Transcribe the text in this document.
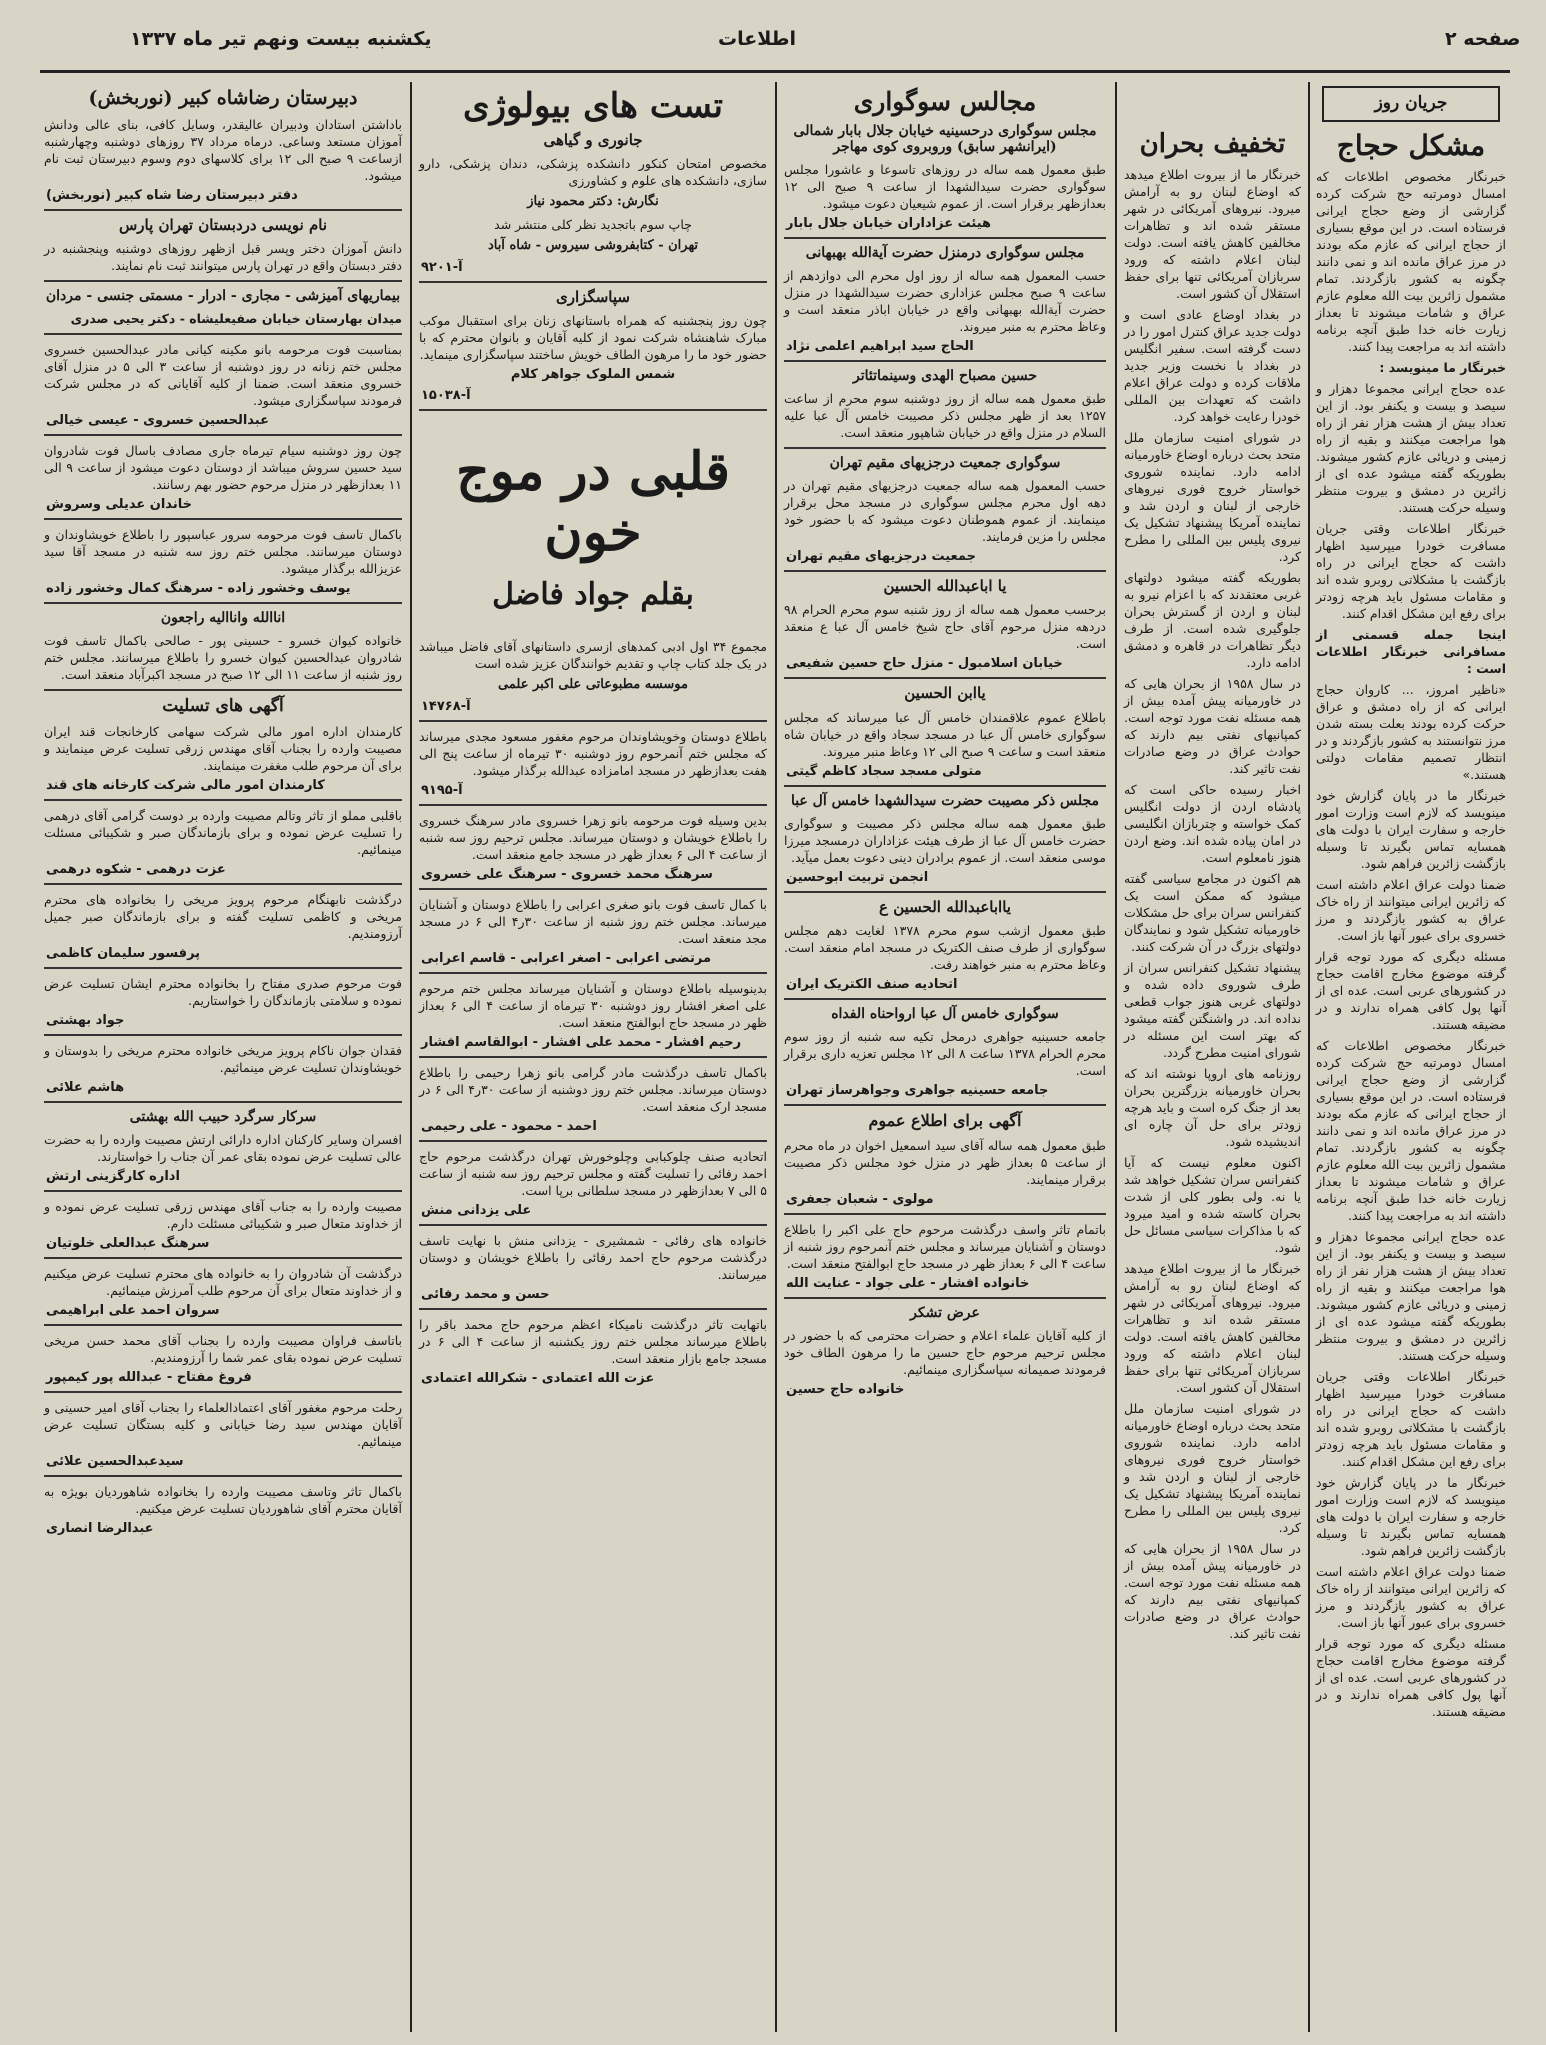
صفحه ۲
اطلاعات
یکشنبه بیست ونهم تیر ماه ۱۳۳۷
جریان روز
مشکل حجاج

خبرنگار مخصوص اطلاعات که امسال دومرتبه حج شرکت کرده گزارشی از وضع حجاج ایرانی فرستاده است. در این موقع بسیاری از حجاج ایرانی که عازم مکه بودند در مرز عراق مانده اند و نمی دانند چگونه به کشور بازگردند. تمام مشمول زائرین بیت الله معلوم عازم عراق و شامات میشوند تا بعداز زیارت خانه خدا طبق آنچه برنامه داشته اند به مراجعت پیدا کنند.

خبرنگار ما مینویسد :

عده حجاج ایرانی مجموعا دهزار و سیصد و بیست و یکنفر بود. از این تعداد بیش از هشت هزار نفر از راه هوا مراجعت میکنند و بقیه از راه زمینی و دریائی عازم کشور میشوند. بطوریکه گفته میشود عده ای از زائرین در دمشق و بیروت منتظر وسیله حرکت هستند.

خبرنگار اطلاعات وقتی جریان مسافرت خودرا میپرسید اظهار داشت که حجاج ایرانی در راه بازگشت با مشکلاتی روبرو شده اند و مقامات مسئول باید هرچه زودتر برای رفع این مشکل اقدام کنند.

اینجا جمله قسمتی از مسافرانی خبرنگار اطلاعات است :

«ناظیر امروز، ... کاروان حجاج ایرانی که از راه دمشق و عراق حرکت کرده بودند بعلت بسته شدن مرز نتوانستند به کشور بازگردند و در انتظار تصمیم مقامات دولتی هستند.»

خبرنگار ما در پایان گزارش خود مینویسد که لازم است وزارت امور خارجه و سفارت ایران با دولت های همسایه تماس بگیرند تا وسیله بازگشت زائرین فراهم شود.

ضمنا دولت عراق اعلام داشته است که زائرین ایرانی میتوانند از راه خاک عراق به کشور بازگردند و مرز خسروی برای عبور آنها باز است.

مسئله دیگری که مورد توجه قرار گرفته موضوع مخارج اقامت حجاج در کشورهای عربی است. عده ای از آنها پول کافی همراه ندارند و در مضیقه هستند.

خبرنگار مخصوص اطلاعات که امسال دومرتبه حج شرکت کرده گزارشی از وضع حجاج ایرانی فرستاده است. در این موقع بسیاری از حجاج ایرانی که عازم مکه بودند در مرز عراق مانده اند و نمی دانند چگونه به کشور بازگردند. تمام مشمول زائرین بیت الله معلوم عازم عراق و شامات میشوند تا بعداز زیارت خانه خدا طبق آنچه برنامه داشته اند به مراجعت پیدا کنند.

عده حجاج ایرانی مجموعا دهزار و سیصد و بیست و یکنفر بود. از این تعداد بیش از هشت هزار نفر از راه هوا مراجعت میکنند و بقیه از راه زمینی و دریائی عازم کشور میشوند. بطوریکه گفته میشود عده ای از زائرین در دمشق و بیروت منتظر وسیله حرکت هستند.

خبرنگار اطلاعات وقتی جریان مسافرت خودرا میپرسید اظهار داشت که حجاج ایرانی در راه بازگشت با مشکلاتی روبرو شده اند و مقامات مسئول باید هرچه زودتر برای رفع این مشکل اقدام کنند.

خبرنگار ما در پایان گزارش خود مینویسد که لازم است وزارت امور خارجه و سفارت ایران با دولت های همسایه تماس بگیرند تا وسیله بازگشت زائرین فراهم شود.

ضمنا دولت عراق اعلام داشته است که زائرین ایرانی میتوانند از راه خاک عراق به کشور بازگردند و مرز خسروی برای عبور آنها باز است.

مسئله دیگری که مورد توجه قرار گرفته موضوع مخارج اقامت حجاج در کشورهای عربی است. عده ای از آنها پول کافی همراه ندارند و در مضیقه هستند.

تخفیف بحران

خبرنگار ما از بیروت اطلاع میدهد که اوضاع لبنان رو به آرامش میرود. نیروهای آمریکائی در شهر مستقر شده اند و تظاهرات مخالفین کاهش یافته است. دولت لبنان اعلام داشته که ورود سربازان آمریکائی تنها برای حفظ استقلال آن کشور است.

در بغداد اوضاع عادی است و دولت جدید عراق کنترل امور را در دست گرفته است. سفیر انگلیس در بغداد با نخست وزیر جدید ملاقات کرده و دولت عراق اعلام داشت که تعهدات بین المللی خودرا رعایت خواهد کرد.

در شورای امنیت سازمان ملل متحد بحث درباره اوضاع خاورمیانه ادامه دارد. نماینده شوروی خواستار خروج فوری نیروهای خارجی از لبنان و اردن شد و نماینده آمریکا پیشنهاد تشکیل یک نیروی پلیس بین المللی را مطرح کرد.

بطوریکه گفته میشود دولتهای غربی معتقدند که با اعزام نیرو به لبنان و اردن از گسترش بحران جلوگیری شده است. از طرف دیگر تظاهرات در قاهره و دمشق ادامه دارد.

در سال ۱۹۵۸ از بحران هایی که در خاورمیانه پیش آمده بیش از همه مسئله نفت مورد توجه است. کمپانیهای نفتی بیم دارند که حوادث عراق در وضع صادرات نفت تاثیر کند.

اخبار رسیده حاکی است که پادشاه اردن از دولت انگلیس کمک خواسته و چتربازان انگلیسی در امان پیاده شده اند. وضع اردن هنوز نامعلوم است.

هم اکنون در مجامع سیاسی گفته میشود که ممکن است یک کنفرانس سران برای حل مشکلات خاورمیانه تشکیل شود و نمایندگان دولتهای بزرگ در آن شرکت کنند.

پیشنهاد تشکیل کنفرانس سران از طرف شوروی داده شده و دولتهای غربی هنوز جواب قطعی نداده اند. در واشنگتن گفته میشود که بهتر است این مسئله در شورای امنیت مطرح گردد.

روزنامه های اروپا نوشته اند که بحران خاورمیانه بزرگترین بحران بعد از جنگ کره است و باید هرچه زودتر برای حل آن چاره ای اندیشیده شود.

اکنون معلوم نیست که آیا کنفرانس سران تشکیل خواهد شد یا نه. ولی بطور کلی از شدت بحران کاسته شده و امید میرود که با مذاکرات سیاسی مسائل حل شود.

خبرنگار ما از بیروت اطلاع میدهد که اوضاع لبنان رو به آرامش میرود. نیروهای آمریکائی در شهر مستقر شده اند و تظاهرات مخالفین کاهش یافته است. دولت لبنان اعلام داشته که ورود سربازان آمریکائی تنها برای حفظ استقلال آن کشور است.

در شورای امنیت سازمان ملل متحد بحث درباره اوضاع خاورمیانه ادامه دارد. نماینده شوروی خواستار خروج فوری نیروهای خارجی از لبنان و اردن شد و نماینده آمریکا پیشنهاد تشکیل یک نیروی پلیس بین المللی را مطرح کرد.

در سال ۱۹۵۸ از بحران هایی که در خاورمیانه پیش آمده بیش از همه مسئله نفت مورد توجه است. کمپانیهای نفتی بیم دارند که حوادث عراق در وضع صادرات نفت تاثیر کند.

مجالس سوگواری
مجلس سوگواری درحسینیه خیابان جلال بابار شمالی (ایرانشهر سابق) وروبروی کوی مهاجر

طبق معمول همه ساله در روزهای تاسوعا و عاشورا مجلس سوگواری حضرت سیدالشهدا از ساعت ۹ صبح الی ۱۲ بعدازظهر برقرار است. از عموم شیعیان دعوت میشود.

هیئت عزاداران خیابان جلال بابار
مجلس سوگواری درمنزل حضرت آیةالله بهبهانی

حسب المعمول همه ساله از روز اول محرم الی دوازدهم از ساعت ۹ صبح مجلس عزاداری حضرت سیدالشهدا در منزل حضرت آیةالله بهبهانی واقع در خیابان اباذر منعقد است و وعاظ محترم به منبر میروند.

الحاج سید ابراهیم اعلمی نژاد
حسین مصباح الهدی وسینماتئاتر

طبق معمول همه ساله از روز دوشنبه سوم محرم از ساعت ۱۲۵۷ بعد از ظهر مجلس ذکر مصیبت خامس آل عبا علیه السلام در منزل واقع در خیابان شاهپور منعقد است.

سوگواری جمعیت درجزیهای مقیم تهران

حسب المعمول همه ساله جمعیت درجزیهای مقیم تهران در دهه اول محرم مجلس سوگواری در مسجد محل برقرار مینمایند. از عموم هموطنان دعوت میشود که با حضور خود مجلس را مزین فرمایند.

جمعیت درجزیهای مقیم تهران
یا اباعبدالله الحسین

برحسب معمول همه ساله از روز شنبه سوم محرم الحرام ۹۸ دردهه منزل مرحوم آقای حاج شیخ خامس آل عبا ع منعقد است.

خیابان اسلامبول - منزل حاج حسین شفیعی
یاابن الحسین

باطلاع عموم علاقمندان خامس آل عبا میرساند که مجلس سوگواری خامس آل عبا در مسجد سجاد واقع در خیابان شاه منعقد است و ساعت ۹ صبح الی ۱۲ وعاظ منبر میروند.

متولی مسجد سجاد کاظم گیتی
مجلس ذکر مصیبت حضرت سیدالشهدا خامس آل عبا

طبق معمول همه ساله مجلس ذکر مصیبت و سوگواری حضرت خامس آل عبا از طرف هیئت عزاداران درمسجد میرزا موسی منعقد است. از عموم برادران دینی دعوت بعمل میآید.

انجمن تربیت ابوحسین
یااباعبدالله الحسین ع

طبق معمول ازشب سوم محرم ۱۳۷۸ لغایت دهم مجلس سوگواری از طرف صنف الکتریک در مسجد امام منعقد است. وعاظ محترم به منبر خواهند رفت.

اتحادیه صنف الکتریک ایران
سوگواری خامس آل عبا ارواحناه الفداه

جامعه حسینیه جواهری درمحل تکیه سه شنبه از روز سوم محرم الحرام ۱۳۷۸ ساعت ۸ الی ۱۲ مجلس تعزیه داری برقرار است.

جامعه حسینیه جواهری وجواهرساز تهران
آگهی برای اطلاع عموم

طبق معمول همه ساله آقای سید اسمعیل اخوان در ماه محرم از ساعت ۵ بعداز ظهر در منزل خود مجلس ذکر مصیبت برقرار مینمایند.

مولوی - شعبان جعفری

باتمام تاثر واسف درگذشت مرحوم حاج علی اکبر را باطلاع دوستان و آشنایان میرساند و مجلس ختم آنمرحوم روز شنبه از ساعت ۴ الی ۶ بعداز ظهر در مسجد حاج ابوالفتح منعقد است.

خانواده افشار - علی جواد - عنایت الله
عرض تشکر

از کلیه آقایان علماء اعلام و حضرات محترمی که با حضور در مجلس ترحیم مرحوم حاج حسین ما را مرهون الطاف خود فرمودند صمیمانه سپاسگزاری مینمائیم.

خانواده حاج حسین
تست های بیولوژی
جانوری و گیاهی

مخصوص امتحان کنکور دانشکده پزشکی، دندان پزشکی، دارو سازی، دانشکده های علوم و کشاورزی

نگارش: دکتر محمود نیاز

چاپ سوم باتجدید نظر کلی منتشر شد

تهران - کتابفروشی سیروس - شاه آباد
آ-۹۲۰۱
سپاسگزاری

چون روز پنجشنبه که همراه باستانهای زنان برای استقبال موکب مبارک شاهنشاه شرکت نمود از کلیه آقایان و بانوان محترم که با حضور خود ما را مرهون الطاف خویش ساختند سپاسگزاری مینماید.

شمس الملوک جواهر کلام
آ-۱۵۰۳۸
قلبی در موج خون
بقلم جواد فاضل

مجموع ۳۴ اول ادبی کمدهای ازسری داستانهای آقای فاضل میباشد در یک جلد کتاب چاپ و تقدیم خوانندگان عزیز شده است

موسسه مطبوعاتی علی اکبر علمی
آ-۱۴۷۶۸

باطلاع دوستان وخویشاوندان مرحوم مغفور مسعود مجدی میرساند که مجلس ختم آنمرحوم روز دوشنبه ۳۰ تیرماه از ساعت پنج الی هفت بعدازظهر در مسجد امامزاده عبدالله برگذار میشود.

آ-۹۱۹۵

بدین وسیله فوت مرحومه بانو زهرا خسروی مادر سرهنگ خسروی را باطلاع خویشان و دوستان میرساند. مجلس ترحیم روز سه شنبه از ساعت ۴ الی ۶ بعداز ظهر در مسجد جامع منعقد است.

سرهنگ محمد خسروی - سرهنگ علی خسروی

با کمال تاسف فوت بانو صغری اعرابی را باطلاع دوستان و آشنایان میرساند. مجلس ختم روز شنبه از ساعت ۳۰ر۴ الی ۶ در مسجد مجد منعقد است.

مرتضی اعرابی - اصغر اعرابی - قاسم اعرابی

بدینوسیله باطلاع دوستان و آشنایان میرساند مجلس ختم مرحوم علی اصغر افشار روز دوشنبه ۳۰ تیرماه از ساعت ۴ الی ۶ بعداز ظهر در مسجد حاج ابوالفتح منعقد است.

رحیم افشار - محمد علی افشار - ابوالقاسم افشار

باکمال تاسف درگذشت مادر گرامی بانو زهرا رحیمی را باطلاع دوستان میرساند. مجلس ختم روز دوشنبه از ساعت ۳۰ر۴ الی ۶ در مسجد ارک منعقد است.

احمد - محمود - علی رحیمی

اتحادیه صنف چلوکبابی وچلوخورش تهران درگذشت مرحوم حاج احمد رفائی را تسلیت گفته و مجلس ترحیم روز سه شنبه از ساعت ۵ الی ۷ بعدازظهر در مسجد سلطانی برپا است.

علی یزدانی منش

خانواده های رفائی - شمشیری - یزدانی منش با نهایت تاسف درگذشت مرحوم حاج احمد رفائی را باطلاع خویشان و دوستان میرسانند.

حسن و محمد رفائی

باتهایت تاثر درگذشت نامیکاء اعظم مرحوم حاج محمد باقر را باطلاع میرساند مجلس ختم روز یکشنبه از ساعت ۴ الی ۶ در مسجد جامع بازار منعقد است.

عزت الله اعتمادی - شکرالله اعتمادی
دبیرستان رضاشاه کبیر (نوربخش)

باداشتن استادان ودبیران عالیقدر، وسایل کافی، بنای عالی ودانش آموزان مستعد وساعی. درماه مرداد ۳۷ روزهای دوشنبه وچهارشنبه ازساعت ۹ صبح الی ۱۲ برای کلاسهای دوم وسوم دبیرستان ثبت نام میشود.

دفتر دبیرستان رضا شاه کبیر (نوربخش)
نام نویسی دردبستان تهران پارس

دانش آموزان دختر وپسر قبل ازظهر روزهای دوشنبه وپنجشنبه در دفتر دبستان واقع در تهران پارس میتوانند ثبت نام نمایند.

بیماریهای آمیزشی - مجاری - ادرار - مسمتی جنسی - مردان

میدان بهارستان خیابان صفیعلیشاه - دکتر یحیی صدری

بمناسبت فوت مرحومه بانو مکینه کیانی مادر عبدالحسین خسروی مجلس ختم زنانه در روز دوشنبه از ساعت ۳ الی ۵ در منزل آقای خسروی منعقد است. ضمنا از کلیه آقایانی که در مجلس شرکت فرمودند سپاسگزاری میشود.

عبدالحسین خسروی - عیسی خیالی

چون روز دوشنبه سیام تیرماه جاری مصادف باسال فوت شادروان سید حسین سروش میباشد از دوستان دعوت میشود از ساعت ۹ الی ۱۱ بعدازظهر در منزل مرحوم حضور بهم رسانند.

خاندان عدیلی وسروش

باکمال تاسف فوت مرحومه سرور عباسپور را باطلاع خویشاوندان و دوستان میرسانند. مجلس ختم روز سه شنبه در مسجد آقا سید عزیزالله برگذار میشود.

یوسف وخشور زاده - سرهنگ کمال وخشور زاده
اناالله واناالیه راجعون

خانواده کیوان خسرو - حسینی پور - صالحی باکمال تاسف فوت شادروان عبدالحسین کیوان خسرو را باطلاع میرسانند. مجلس ختم روز شنبه از ساعت ۱۱ الی ۱۲ صبح در مسجد اکبرآباد منعقد است.

آگهی های تسلیت

کارمندان اداره امور مالی شرکت سهامی کارخانجات قند ایران مصیبت وارده را بجناب آقای مهندس زرقی تسلیت عرض مینمایند و برای آن مرحوم طلب مغفرت مینمایند.

کارمندان امور مالی شرکت کارخانه های قند

باقلبی مملو از تاثر وتالم مصیبت وارده بر دوست گرامی آقای درهمی را تسلیت عرض نموده و برای بازماندگان صبر و شکیبائی مسئلت مینمائیم.

عزت درهمی - شکوه درهمی

درگذشت نابهنگام مرحوم پرویز مریخی را بخانواده های محترم مریخی و کاظمی تسلیت گفته و برای بازماندگان صبر جمیل آرزومندیم.

پرفسور سلیمان کاظمی

فوت مرحوم صدری مفتاح را بخانواده محترم ایشان تسلیت عرض نموده و سلامتی بازماندگان را خواستاریم.

جواد بهشتی

فقدان جوان ناکام پرویز مریخی خانواده محترم مریخی را بدوستان و خویشاوندان تسلیت عرض مینمائیم.

هاشم علائی
سرکار سرگرد حبیب الله بهشتی

افسران وسایر کارکنان اداره دارائی ارتش مصیبت وارده را به حضرت عالی تسلیت عرض نموده بقای عمر آن جناب را خواستارند.

اداره کارگزینی ارتش

مصیبت وارده را به جناب آقای مهندس زرقی تسلیت عرض نموده و از خداوند متعال صبر و شکیبائی مسئلت دارم.

سرهنگ عبدالعلی خلوتیان

درگذشت آن شادروان را به خانواده های محترم تسلیت عرض میکنیم و از خداوند متعال برای آن مرحوم طلب آمرزش مینمائیم.

سروان احمد علی ابراهیمی

باتاسف فراوان مصیبت وارده را بجناب آقای محمد حسن مریخی تسلیت عرض نموده بقای عمر شما را آرزومندیم.

فروغ مفتاح - عبدالله پور کیمپور

رحلت مرحوم مغفور آقای اعتمادالعلماء را بجناب آقای امیر حسینی و آقایان مهندس سید رضا خیابانی و کلیه بستگان تسلیت عرض مینمائیم.

سیدعبدالحسین علائی

باکمال تاثر وتاسف مصیبت وارده را بخانواده شاهوردیان بویژه به آقایان محترم آقای شاهوردیان تسلیت عرض میکنیم.

عبدالرضا انصاری
